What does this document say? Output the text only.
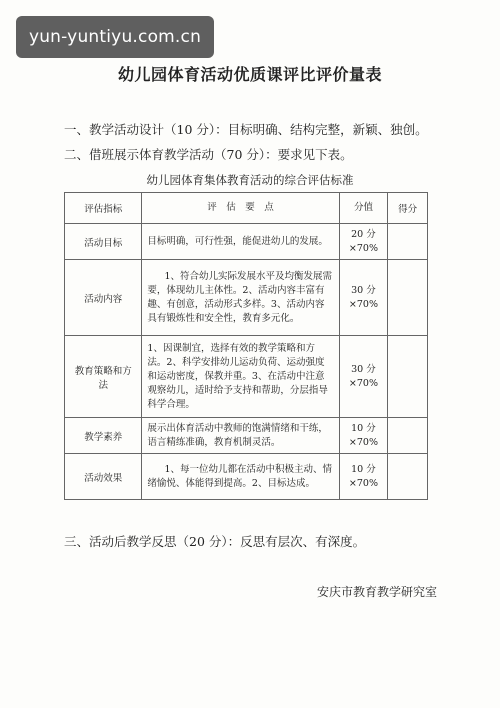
yun-yuntiyu.com.cn
幼儿园体育活动优质课评比评价量表
一、教学活动设计（10 分）：目标明确、结构完整，新颖、独创。
二、借班展示体育教学活动（70 分）：要求见下表。
幼儿园体育集体教育活动的综合评估标准
评估指标	评　估　要　点	分值	得分
活动目标	目标明确，可行性强，能促进幼儿的发展。	20 分
×70%	
活动内容	1、符合幼儿实际发展水平及均衡发展需要，体现幼儿主体性。2、活动内容丰富有趣、有创意，活动形式多样。3、活动内容具有锻炼性和安全性，教育多元化。	30 分
×70%	
教育策略和方法	1、因课制宜，选择有效的教学策略和方法。2、科学安排幼儿运动负荷、运动强度和运动密度，保教并重。3、在活动中注意观察幼儿，适时给予支持和帮助，分层指导科学合理。	30 分
×70%	
教学素养	展示出体育活动中教师的饱满情绪和干练，语言精练准确，教育机制灵活。	10 分
×70%	
活动效果	1、每一位幼儿都在活动中积极主动、情绪愉悦、体能得到提高。2、目标达成。	10 分
×70%	
三、活动后教学反思（20 分）：反思有层次、有深度。
安庆市教育教学研究室
